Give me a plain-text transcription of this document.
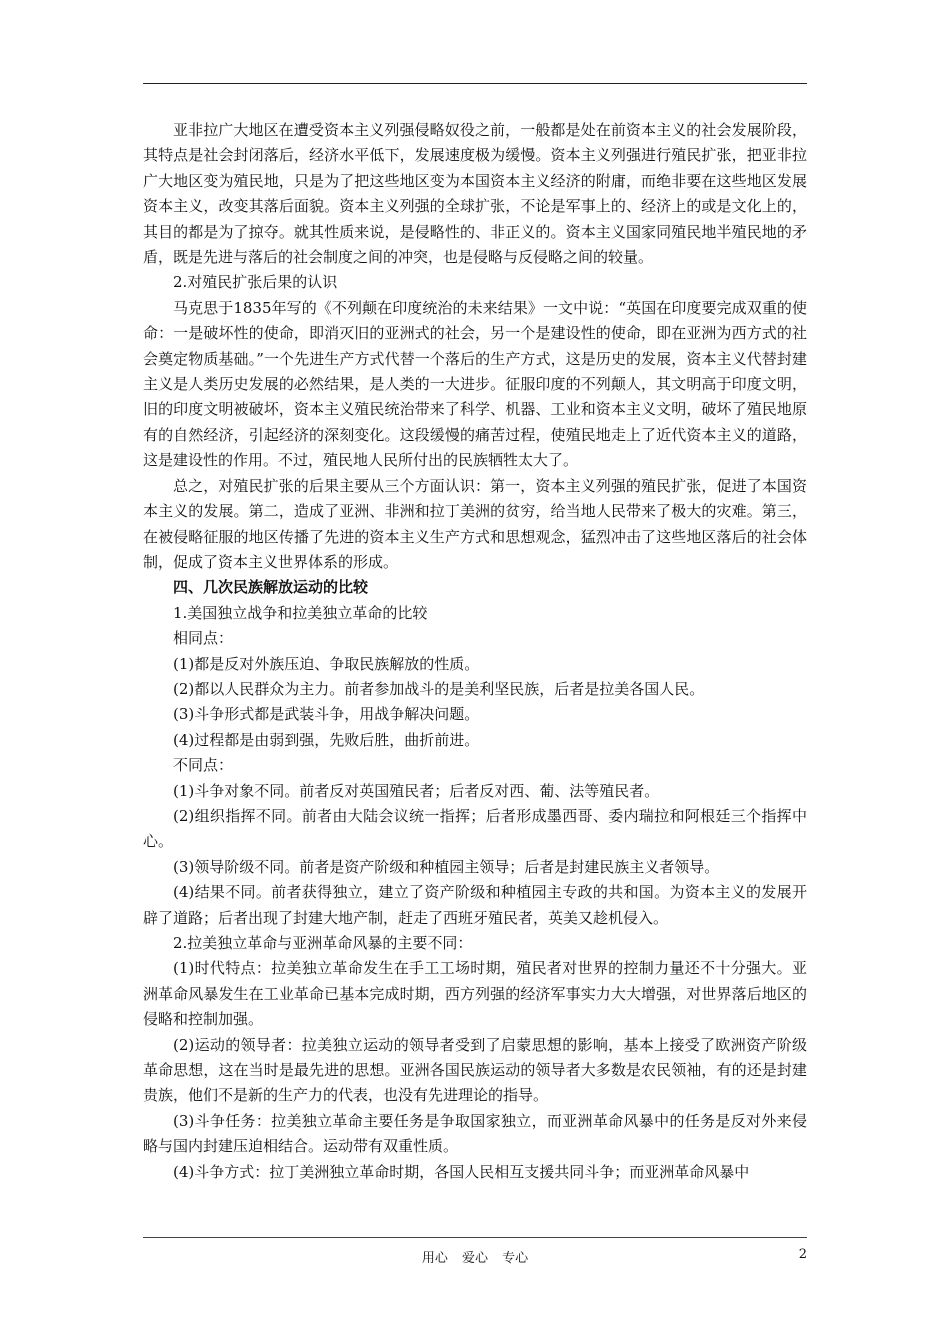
亚非拉广大地区在遭受资本主义列强侵略奴役之前，一般都是处在前资本主义的社会发展阶段，其特点是社会封闭落后，经济水平低下，发展速度极为缓慢。资本主义列强进行殖民扩张，把亚非拉广大地区变为殖民地，只是为了把这些地区变为本国资本主义经济的附庸，而绝非要在这些地区发展资本主义，改变其落后面貌。资本主义列强的全球扩张，不论是军事上的、经济上的或是文化上的，其目的都是为了掠夺。就其性质来说，是侵略性的、非正义的。资本主义国家同殖民地半殖民地的矛盾，既是先进与落后的社会制度之间的冲突，也是侵略与反侵略之间的较量。

2.对殖民扩张后果的认识

马克思于1835年写的《不列颠在印度统治的未来结果》一文中说：“英国在印度要完成双重的使命：一是破坏性的使命，即消灭旧的亚洲式的社会，另一个是建设性的使命，即在亚洲为西方式的社会奠定物质基础。”一个先进生产方式代替一个落后的生产方式，这是历史的发展，资本主义代替封建主义是人类历史发展的必然结果，是人类的一大进步。征服印度的不列颠人，其文明高于印度文明，旧的印度文明被破坏，资本主义殖民统治带来了科学、机器、工业和资本主义文明，破坏了殖民地原有的自然经济，引起经济的深刻变化。这段缓慢的痛苦过程，使殖民地走上了近代资本主义的道路，这是建设性的作用。不过，殖民地人民所付出的民族牺牲太大了。

总之，对殖民扩张的后果主要从三个方面认识：第一，资本主义列强的殖民扩张，促进了本国资本主义的发展。第二，造成了亚洲、非洲和拉丁美洲的贫穷，给当地人民带来了极大的灾难。第三，在被侵略征服的地区传播了先进的资本主义生产方式和思想观念，猛烈冲击了这些地区落后的社会体制，促成了资本主义世界体系的形成。

四、几次民族解放运动的比较

1.美国独立战争和拉美独立革命的比较

相同点：

(1)都是反对外族压迫、争取民族解放的性质。

(2)都以人民群众为主力。前者参加战斗的是美利坚民族，后者是拉美各国人民。

(3)斗争形式都是武装斗争，用战争解决问题。

(4)过程都是由弱到强，先败后胜，曲折前进。

不同点：

(1)斗争对象不同。前者反对英国殖民者；后者反对西、葡、法等殖民者。

(2)组织指挥不同。前者由大陆会议统一指挥；后者形成墨西哥、委内瑞拉和阿根廷三个指挥中心。

(3)领导阶级不同。前者是资产阶级和种植园主领导；后者是封建民族主义者领导。

(4)结果不同。前者获得独立，建立了资产阶级和种植园主专政的共和国。为资本主义的发展开辟了道路；后者出现了封建大地产制，赶走了西班牙殖民者，英美又趁机侵入。

2.拉美独立革命与亚洲革命风暴的主要不同：

(1)时代特点：拉美独立革命发生在手工工场时期，殖民者对世界的控制力量还不十分强大。亚洲革命风暴发生在工业革命已基本完成时期，西方列强的经济军事实力大大增强，对世界落后地区的侵略和控制加强。

(2)运动的领导者：拉美独立运动的领导者受到了启蒙思想的影响，基本上接受了欧洲资产阶级革命思想，这在当时是最先进的思想。亚洲各国民族运动的领导者大多数是农民领袖，有的还是封建贵族，他们不是新的生产力的代表，也没有先进理论的指导。

(3)斗争任务：拉美独立革命主要任务是争取国家独立，而亚洲革命风暴中的任务是反对外来侵略与国内封建压迫相结合。运动带有双重性质。

(4)斗争方式：拉丁美洲独立革命时期，各国人民相互支援共同斗争；而亚洲革命风暴中

用心 爱心 专心	2
